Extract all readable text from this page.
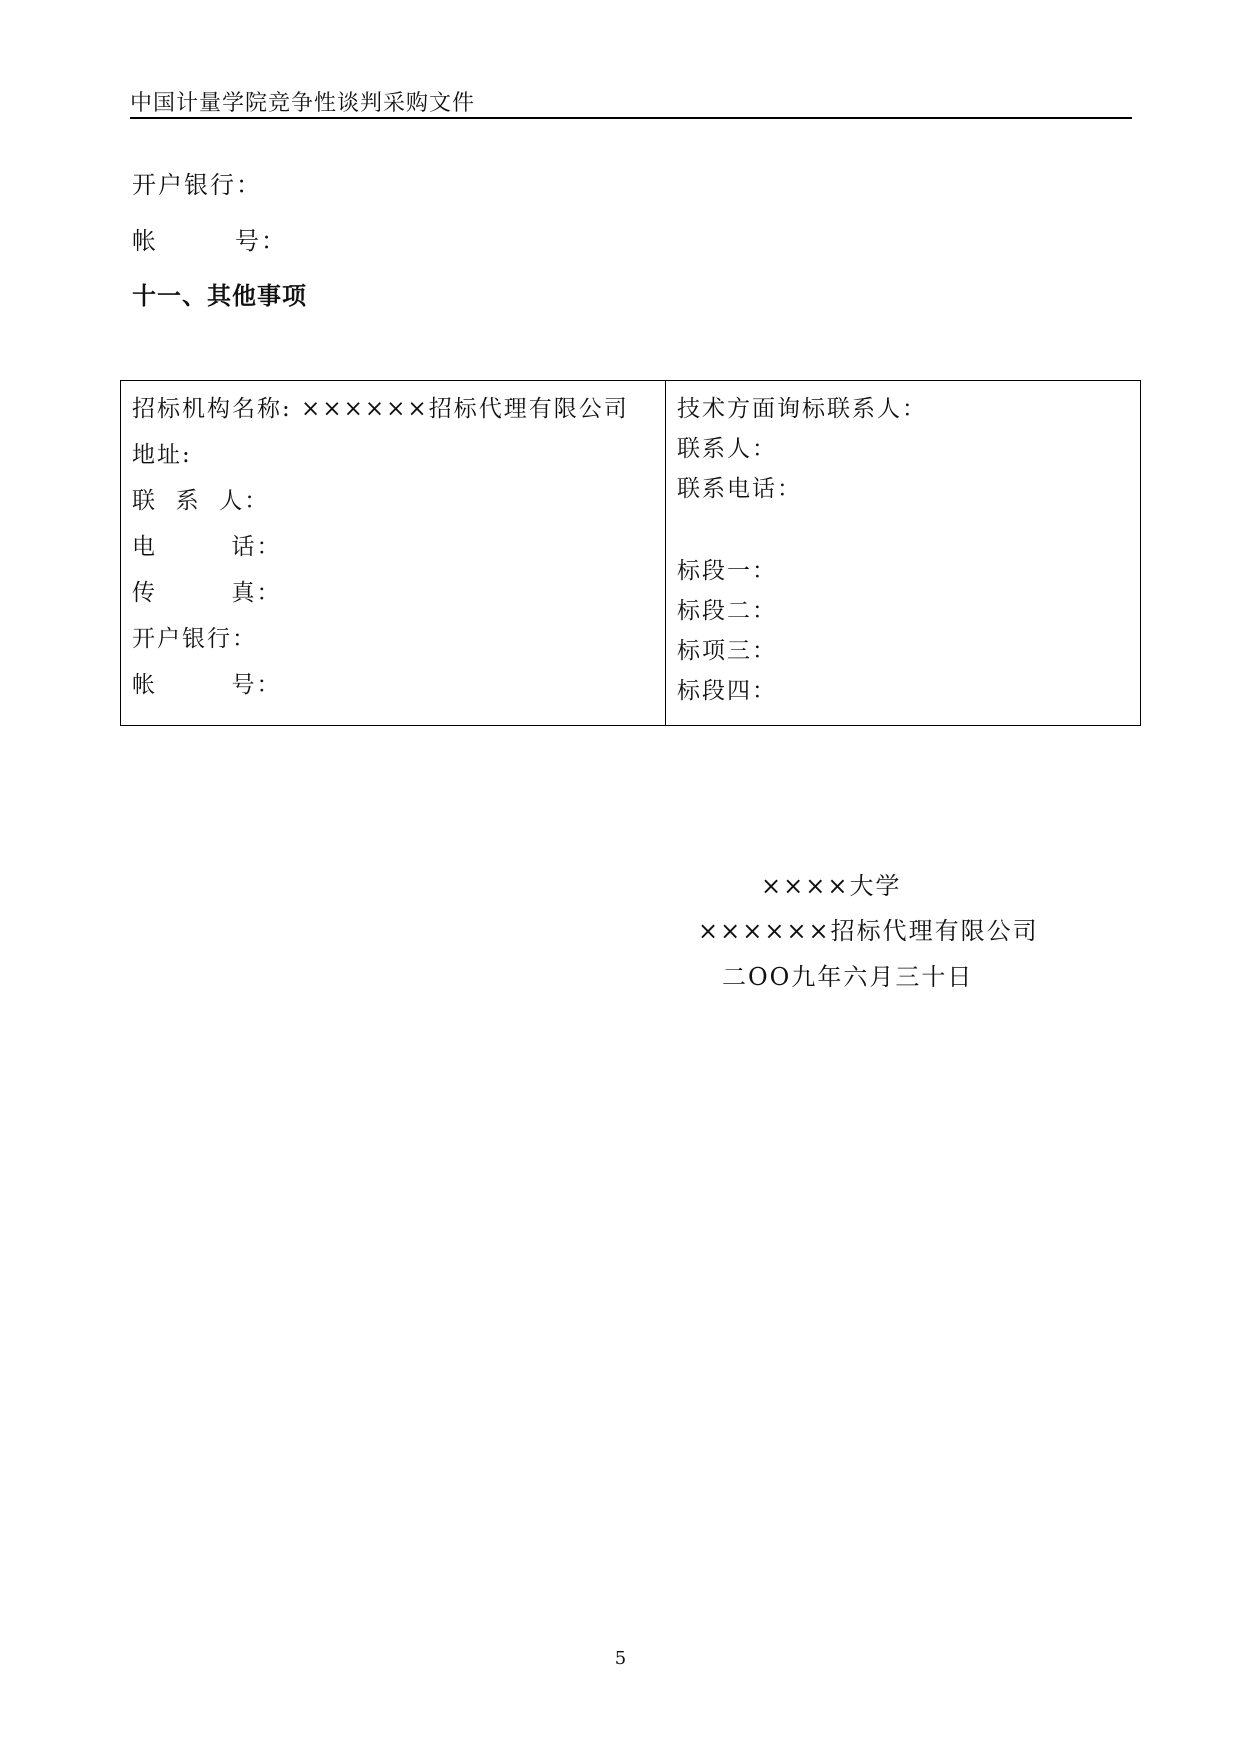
中国计量学院竞争性谈判采购文件
开户银行：
帐        号：
十一、其他事项
招标机构名称: ××××××招标代理有限公司
地址:
联  系  人：
电        话：
传        真：
开户银行：
帐        号：
技术方面询标联系人：
联系人：
联系电话：
标段一：
标段二：
标项三：
标段四：
××××大学
××××××招标代理有限公司
二OO九年六月三十日
5
